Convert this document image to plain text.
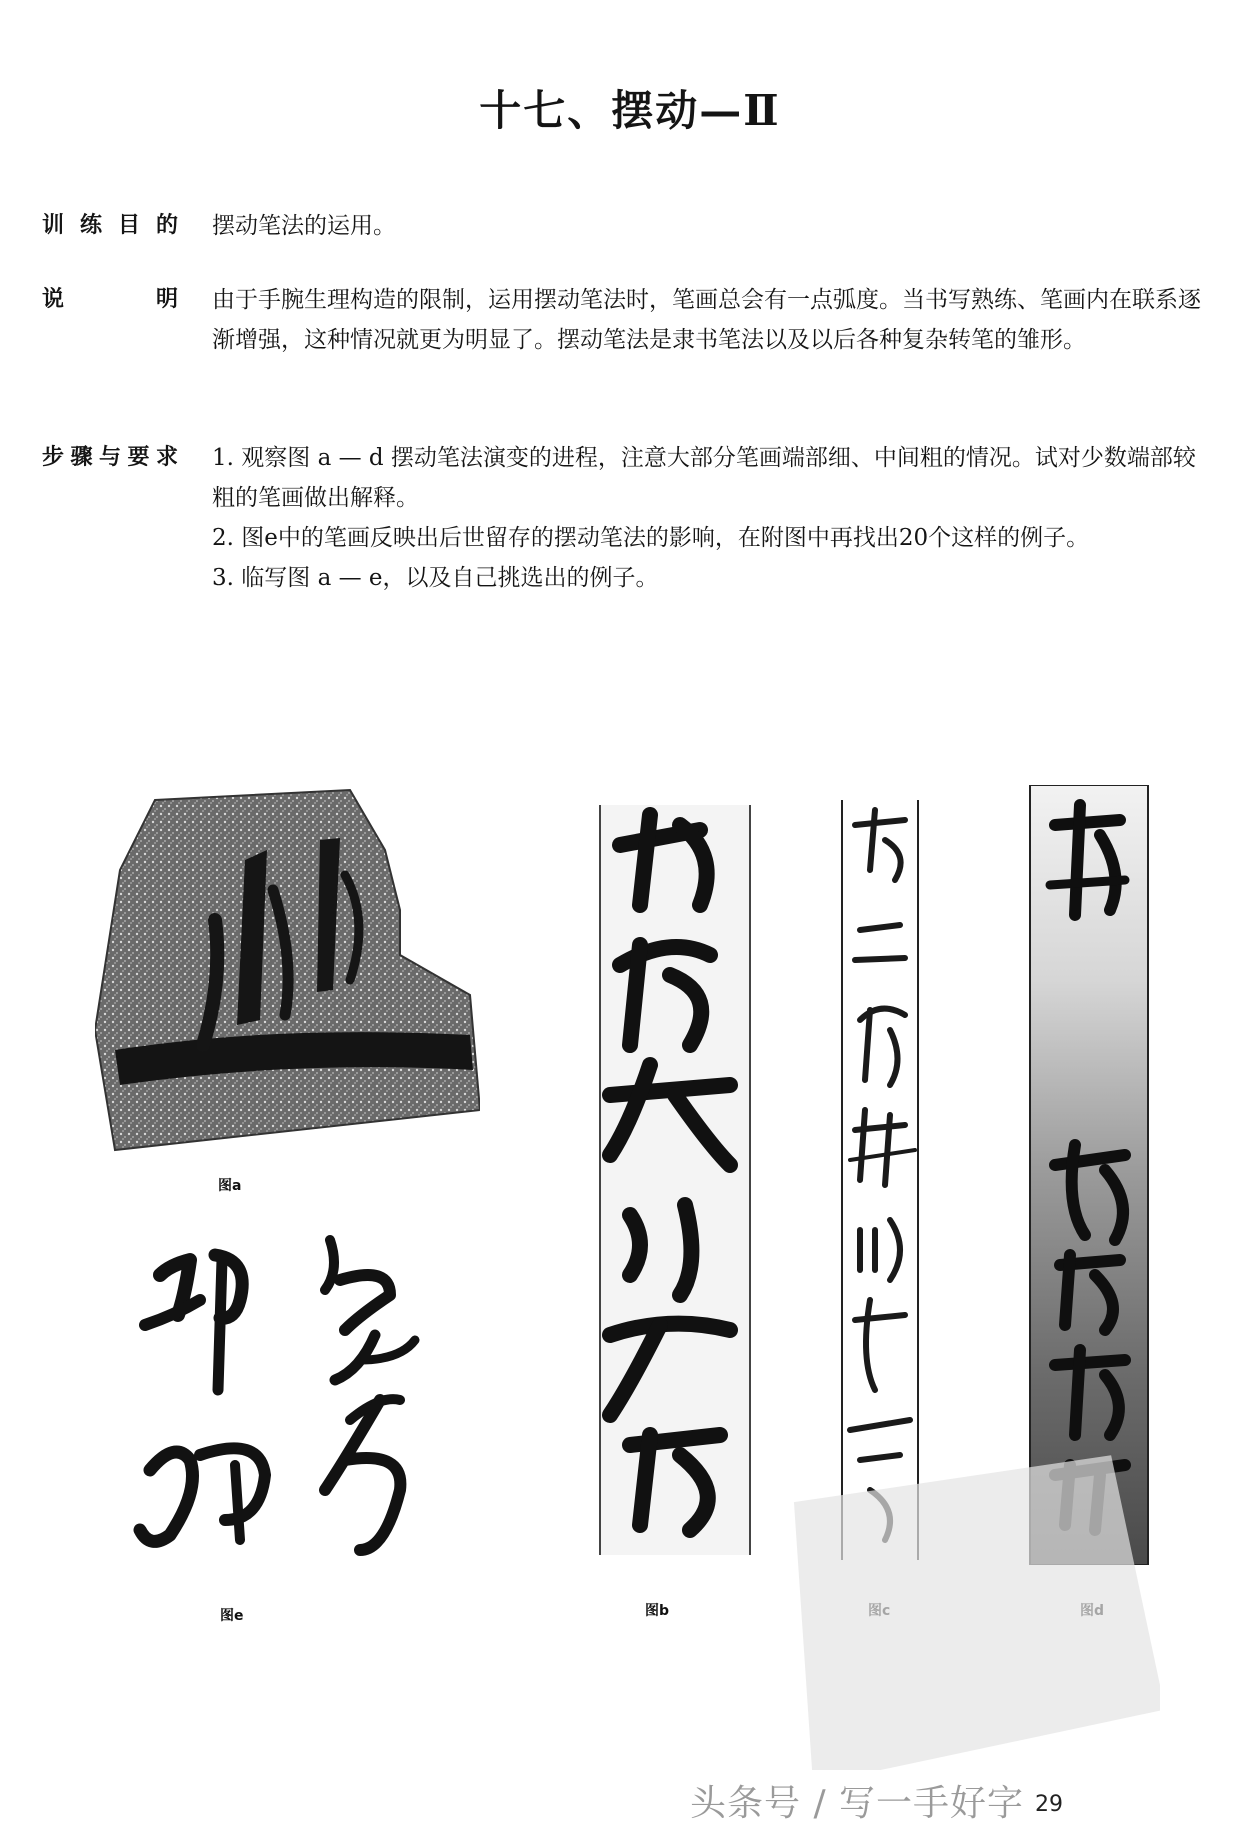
十七、摆动—Ⅱ
训练目的 摆动笔法的运用。
说明 由于手腕生理构造的限制，运用摆动笔法时，笔画总会有一点弧度。当书写熟练、笔画内在联系逐渐增强，这种情况就更为明显了。摆动笔法是隶书笔法以及以后各种复杂转笔的雏形。
步骤与要求 1. 观察图 a — d 摆动笔法演变的进程，注意大部分笔画端部细、中间粗的情况。试对少数端部较粗的笔画做出解释。
2. 图e中的笔画反映出后世留存的摆动笔法的影响，在附图中再找出20个这样的例子。
3. 临写图 a — e，以及自己挑选出的例子。
图a
图e	图b
头条号 / 写一手好字 29
